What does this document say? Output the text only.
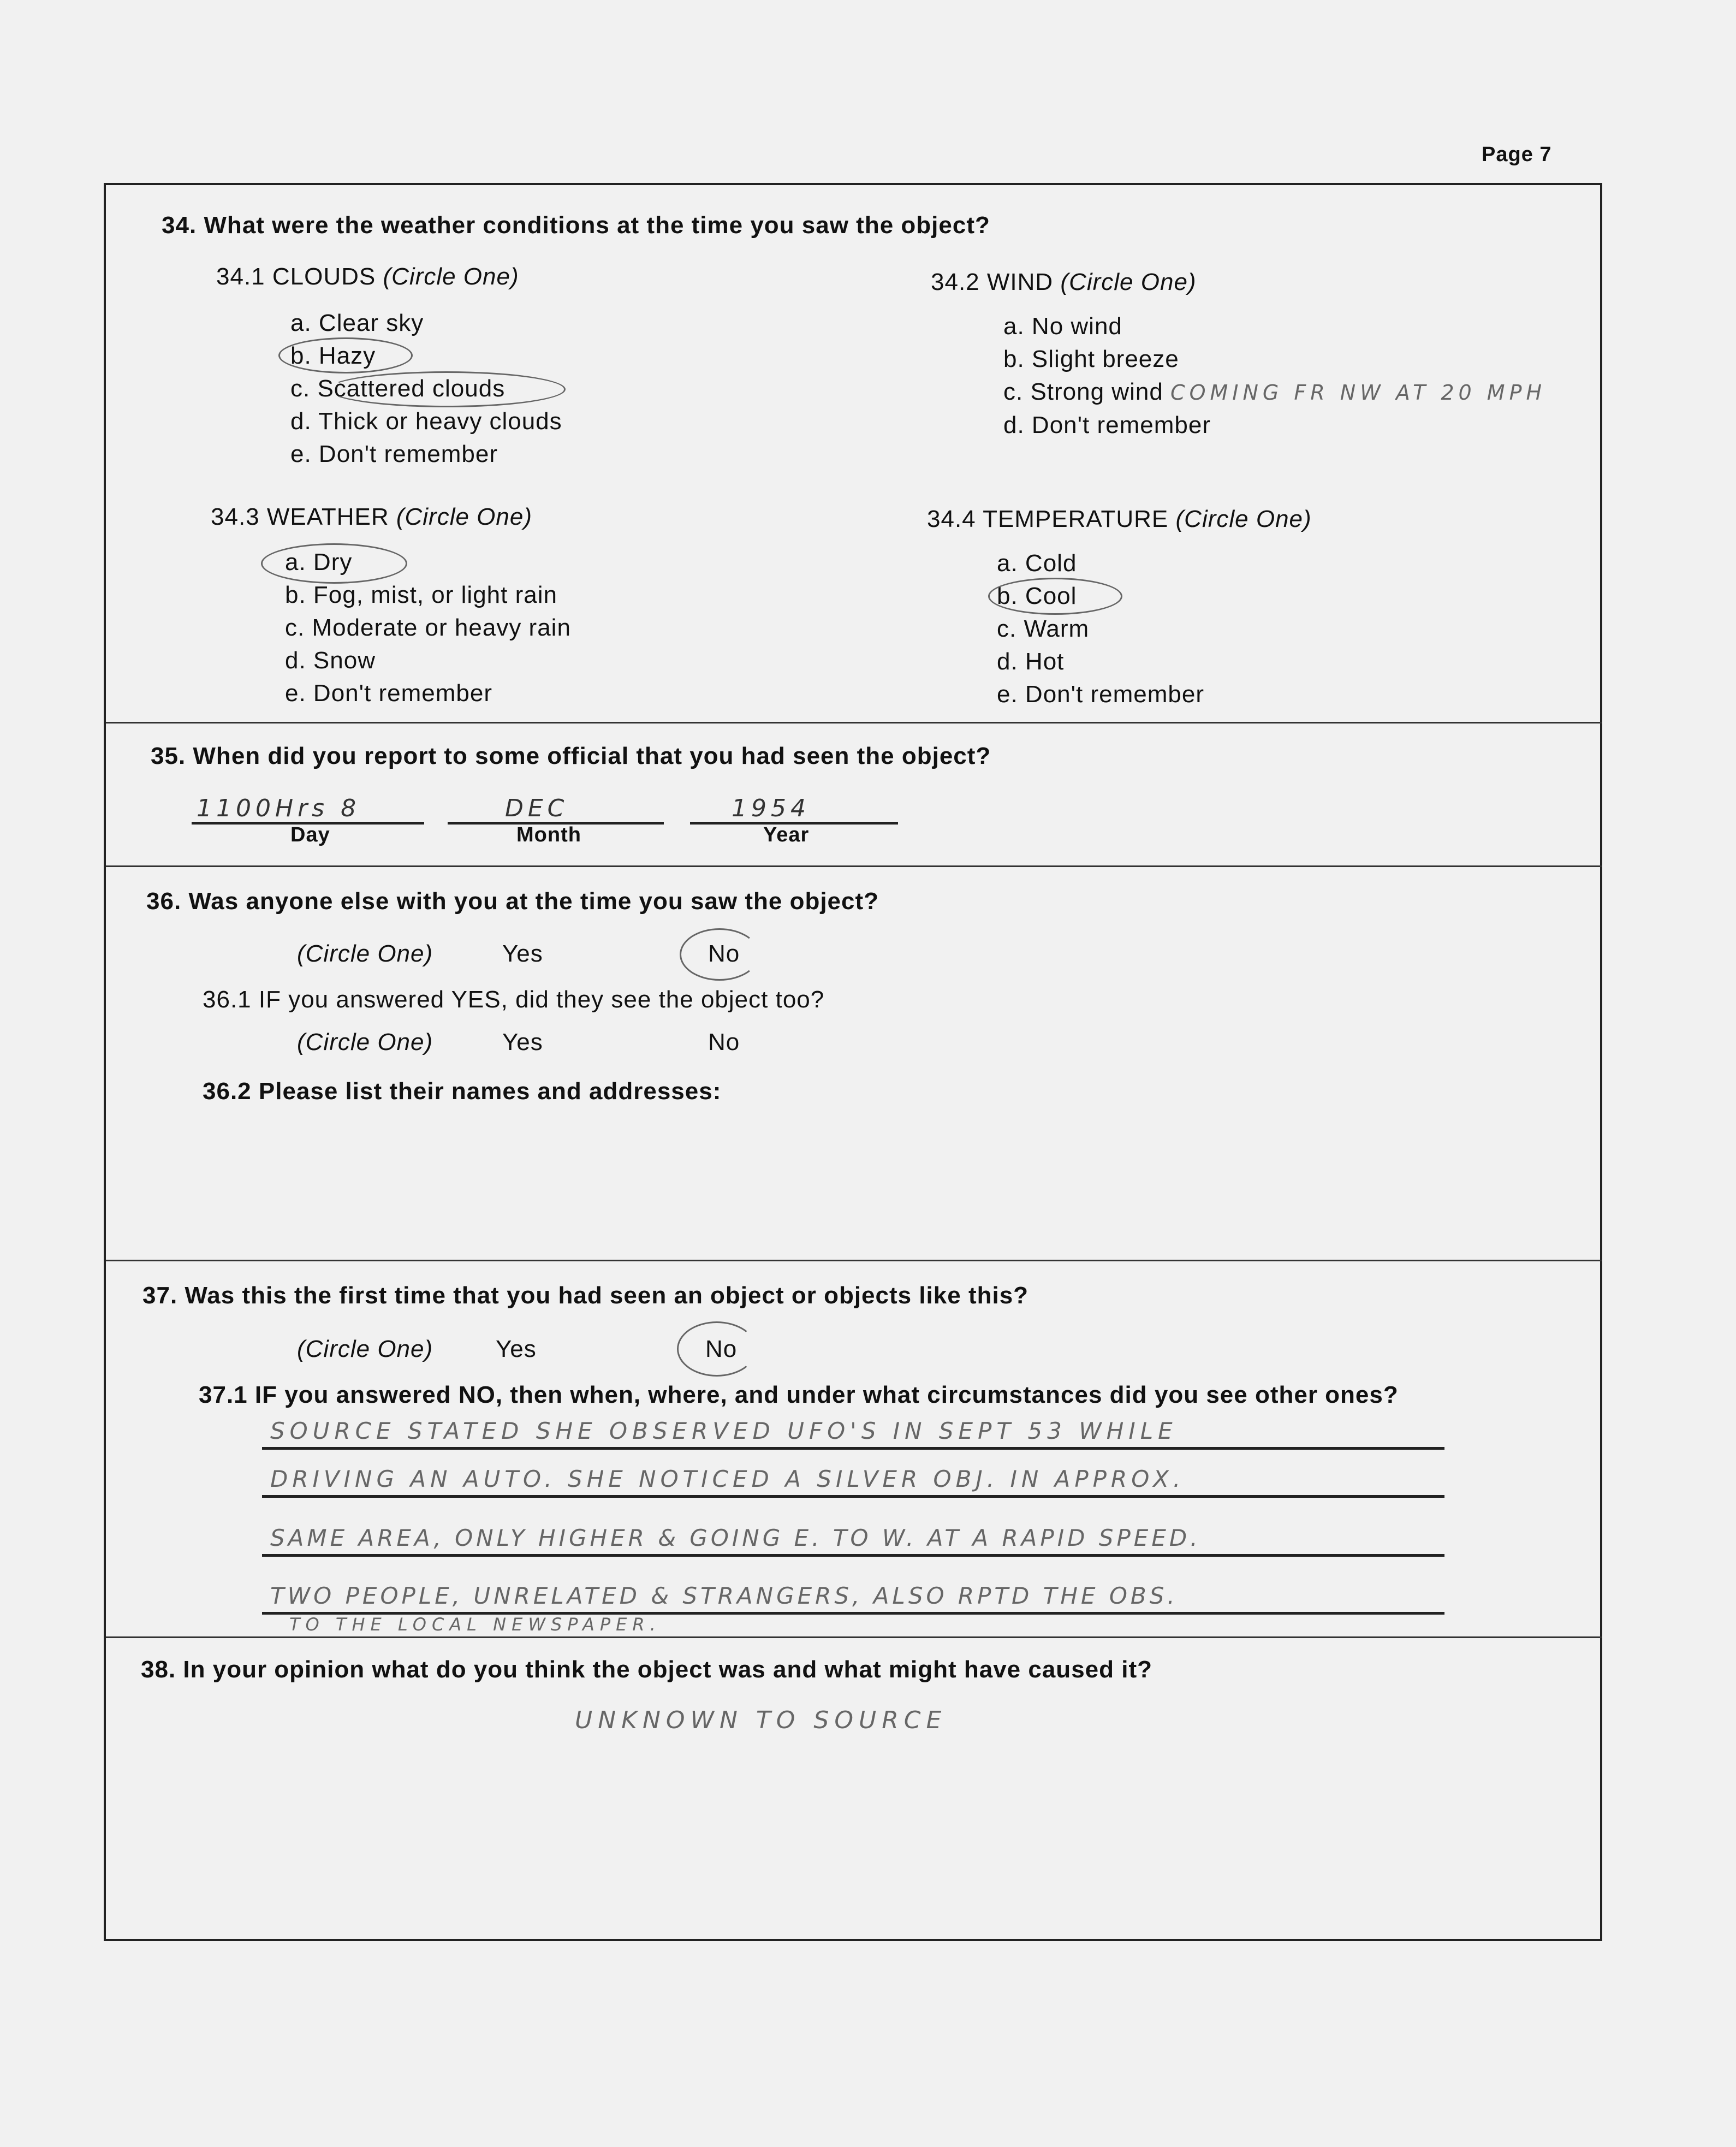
Page 7
34. What were the weather conditions at the time you saw the object?
34.1 CLOUDS (Circle One)
a. Clear sky
b. Hazy
c. Scattered clouds
d. Thick or heavy clouds
e. Don't remember
34.2 WIND (Circle One)
a. No wind
b. Slight breeze
c. Strong wind COMING FR NW AT 20 MPH
d. Don't remember
34.3 WEATHER (Circle One)
a. Dry
b. Fog, mist, or light rain
c. Moderate or heavy rain
d. Snow
e. Don't remember
34.4 TEMPERATURE (Circle One)
a. Cold
b. Cool
c. Warm
d. Hot
e. Don't remember
35. When did you report to some official that you had seen the object?
1100Hrs 8	DEC	1954
Day	Month	Year
36. Was anyone else with you at the time you saw the object?
(Circle One)	Yes	No
36.1 IF you answered YES, did they see the object too?
(Circle One)	Yes	No
36.2 Please list their names and addresses:
37. Was this the first time that you had seen an object or objects like this?
(Circle One)	Yes	No
37.1 IF you answered NO, then when, where, and under what circumstances did you see other ones?
SOURCE STATED SHE OBSERVED UFO'S IN SEPT 53 WHILE
DRIVING AN AUTO. SHE NOTICED A SILVER OBJ. IN APPROX.
SAME AREA, ONLY HIGHER & GOING E. TO W. AT A RAPID SPEED.
TWO PEOPLE, UNRELATED & STRANGERS, ALSO RPTD THE OBS.
TO THE LOCAL NEWSPAPER.
38. In your opinion what do you think the object was and what might have caused it?
UNKNOWN TO SOURCE
